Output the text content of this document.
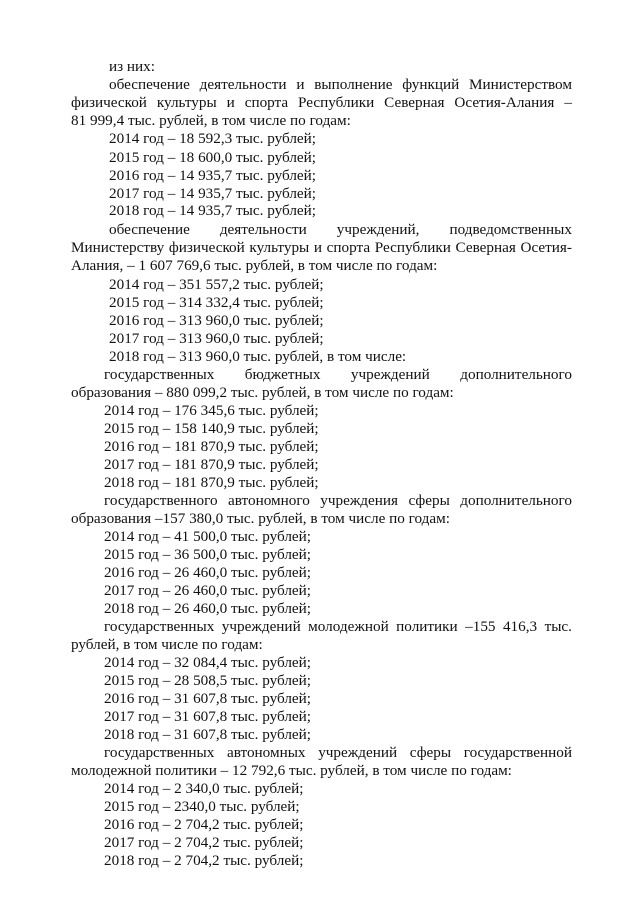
из них:
обеспечение деятельности и выполнение функций Министерством
физической культуры и спорта Республики Северная Осетия-Алания –
81 999,4 тыс. рублей, в том числе по годам:
2014 год – 18 592,3 тыс. рублей;
2015 год – 18 600,0 тыс. рублей;
2016 год – 14 935,7 тыс. рублей;
2017 год – 14 935,7 тыс. рублей;
2018 год – 14 935,7 тыс. рублей;
обеспечение деятельности учреждений, подведомственных
Министерству физической культуры и спорта Республики Северная Осетия-
Алания, – 1 607 769,6 тыс. рублей, в том числе по годам:
2014 год – 351 557,2 тыс. рублей;
2015 год – 314 332,4 тыс. рублей;
2016 год – 313 960,0 тыс. рублей;
2017 год – 313 960,0 тыс. рублей;
2018 год – 313 960,0 тыс. рублей, в том числе:
государственных бюджетных учреждений дополнительного
образования – 880 099,2 тыс. рублей, в том числе по годам:
2014 год – 176 345,6 тыс. рублей;
2015 год – 158 140,9 тыс. рублей;
2016 год – 181 870,9 тыс. рублей;
2017 год – 181 870,9 тыс. рублей;
2018 год – 181 870,9 тыс. рублей;
государственного автономного учреждения сферы дополнительного
образования –157 380,0 тыс. рублей, в том числе по годам:
2014 год – 41 500,0 тыс. рублей;
2015 год – 36 500,0 тыс. рублей;
2016 год – 26 460,0 тыс. рублей;
2017 год – 26 460,0 тыс. рублей;
2018 год – 26 460,0 тыс. рублей;
государственных учреждений молодежной политики –155 416,3 тыс.
рублей, в том числе по годам:
2014 год – 32 084,4 тыс. рублей;
2015 год – 28 508,5 тыс. рублей;
2016 год – 31 607,8 тыс. рублей;
2017 год – 31 607,8 тыс. рублей;
2018 год – 31 607,8 тыс. рублей;
государственных автономных учреждений сферы государственной
молодежной политики – 12 792,6 тыс. рублей, в том числе по годам:
2014 год – 2 340,0 тыс. рублей;
2015 год – 2340,0 тыс. рублей;
2016 год – 2 704,2 тыс. рублей;
2017 год – 2 704,2 тыс. рублей;
2018 год – 2 704,2 тыс. рублей;
